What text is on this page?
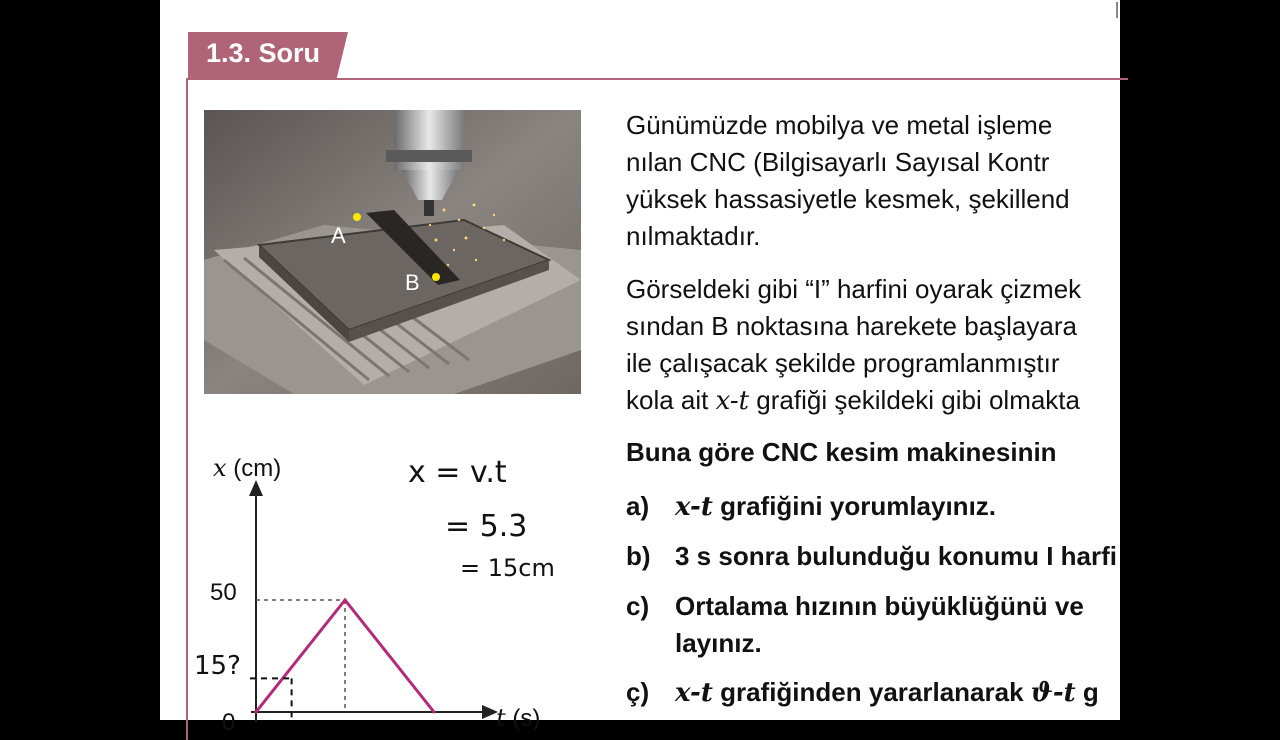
1.3. Soru
A
B
Günümüzde mobilya ve metal işleme
nılan CNC (Bilgisayarlı Sayısal Kontr
yüksek hassasiyetle kesmek, şekillend
nılmaktadır.
Görseldeki gibi “I” harfini oyarak çizmek
sından B noktasına harekete başlayara
ile çalışacak şekilde programlanmıştır
kola ait x-t grafiği şekildeki gibi olmakta
Buna göre CNC kesim makinesinin
a) x-t grafiğini yorumlayınız.
b) 3 s sonra bulunduğu konumu I harfi
c) Ortalama hızının büyüklüğünü ve
layınız.
ç) x-t grafiğinden yararlanarak ϑ-t g
x (cm)
t (s)
50
0
x = v.t
= 5.3
= 15cm
15?
